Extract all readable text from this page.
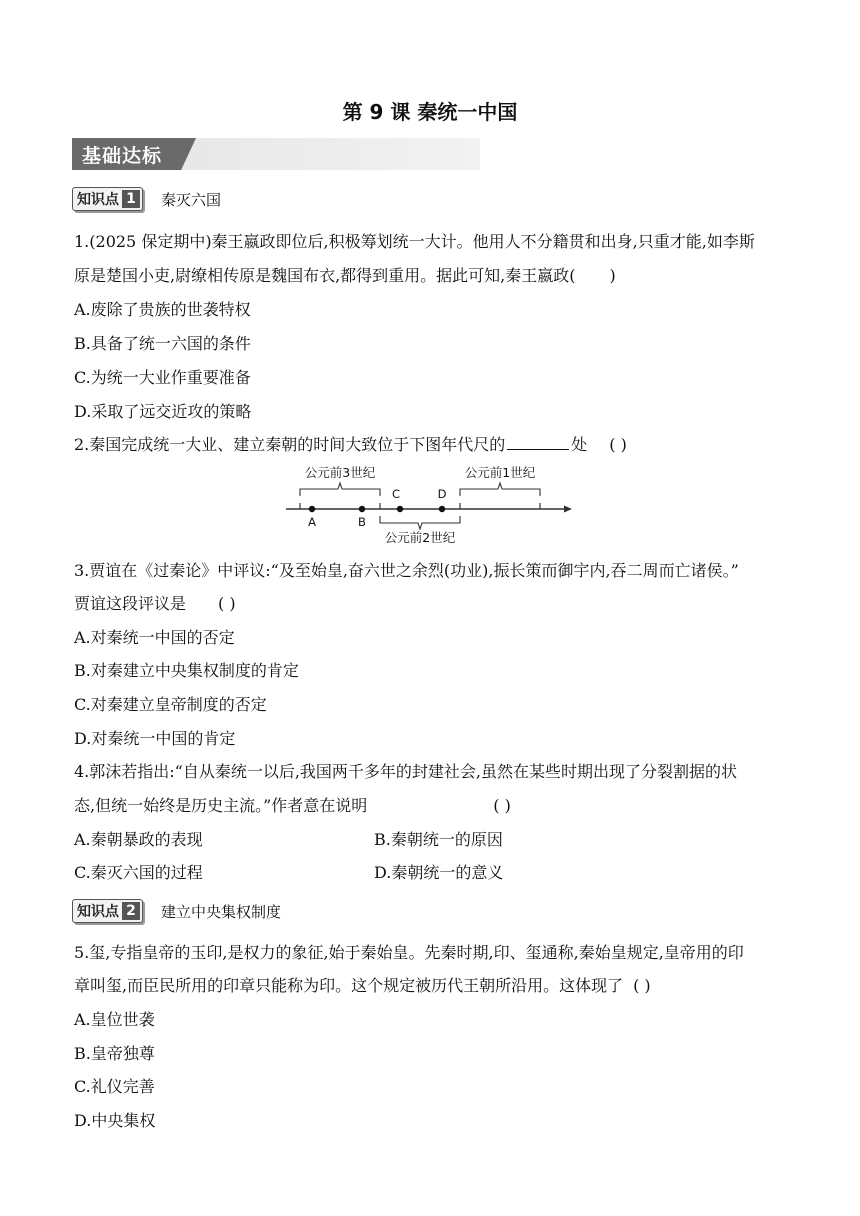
第 9 课 秦统一中国
基础达标
知识点 1 秦灭六国
1.(2025 保定期中)秦王嬴政即位后,积极筹划统一大计。他用人不分籍贯和出身,只重才能,如李斯
原是楚国小吏,尉缭相传原是魏国布衣,都得到重用。据此可知,秦王嬴政( )
A.废除了贵族的世袭特权
B.具备了统一六国的条件
C.为统一大业作重要准备
D.采取了远交近攻的策略
2.秦国完成统一大业、建立秦朝的时间大致位于下图年代尺的	处 ( )
公元前3世纪	公元前1世纪
公元前2世纪
A	B
C	D
3.贾谊在《过秦论》中评议:“及至始皇,奋六世之余烈(功业),振长策而御宇内,吞二周而亡诸侯。”
贾谊这段评议是 ( )
A.对秦统一中国的否定
B.对秦建立中央集权制度的肯定
C.对秦建立皇帝制度的否定
D.对秦统一中国的肯定
4.郭沫若指出:“自从秦统一以后,我国两千多年的封建社会,虽然在某些时期出现了分裂割据的状
态,但统一始终是历史主流。”作者意在说明	( )
A.秦朝暴政的表现	B.秦朝统一的原因
C.秦灭六国的过程	D.秦朝统一的意义
知识点 2 建立中央集权制度
5.玺,专指皇帝的玉印,是权力的象征,始于秦始皇。先秦时期,印、玺通称,秦始皇规定,皇帝用的印
章叫玺,而臣民所用的印章只能称为印。这个规定被历代王朝所沿用。这体现了 ( )
A.皇位世袭
B.皇帝独尊
C.礼仪完善
D.中央集权
